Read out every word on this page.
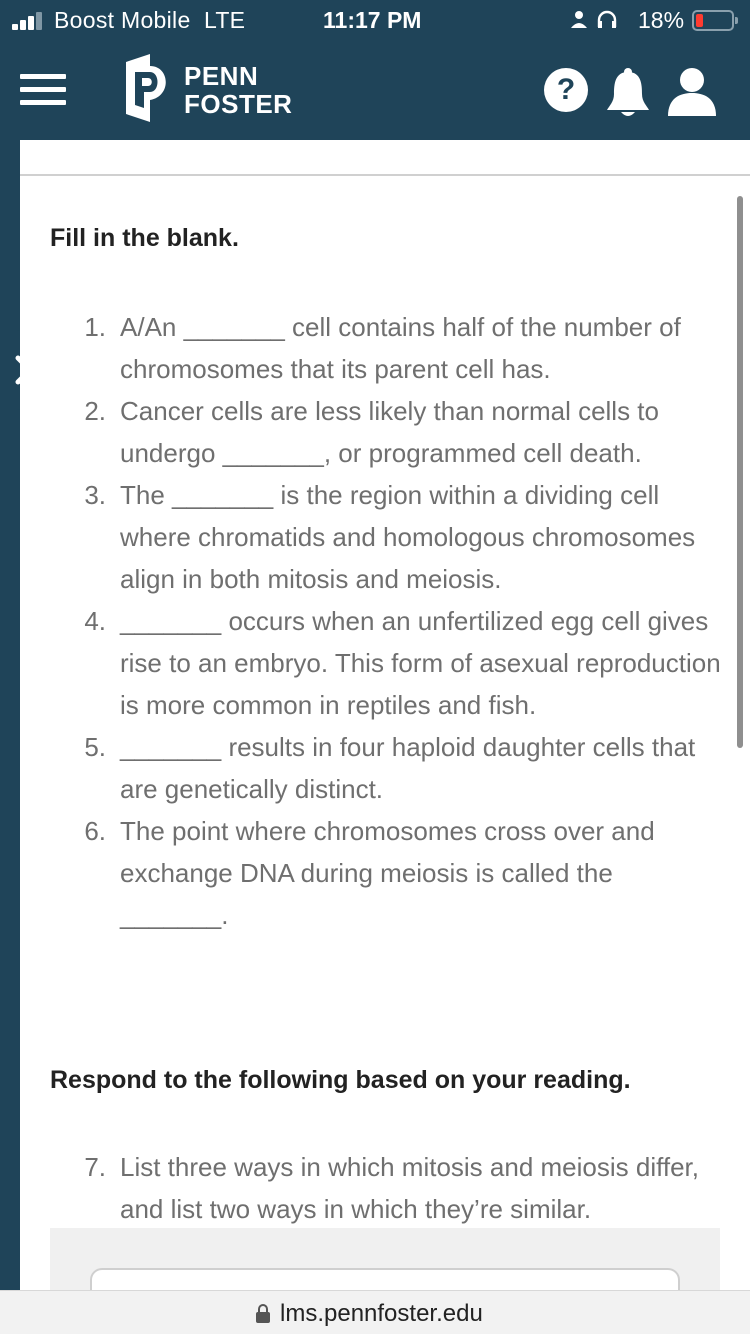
Boost Mobile LTE	11:17 PM	18%
PENN
FOSTER	?
Fill in the blank.
1. A/An _______ cell contains half of the number of chromosomes that its parent cell has.
2. Cancer cells are less likely than normal cells to undergo _______, or programmed cell death.
3. The _______ is the region within a dividing cell where chromatids and homologous chromosomes align in both mitosis and meiosis.
4. _______ occurs when an unfertilized egg cell gives rise to an embryo. This form of asexual reproduction is more common in reptiles and fish.
5. _______ results in four haploid daughter cells that are genetically distinct.
6. The point where chromosomes cross over and exchange DNA during meiosis is called the _______.
Respond to the following based on your reading.
7. List three ways in which mitosis and meiosis differ, and list two ways in which they’re similar.
lms.pennfoster.edu
